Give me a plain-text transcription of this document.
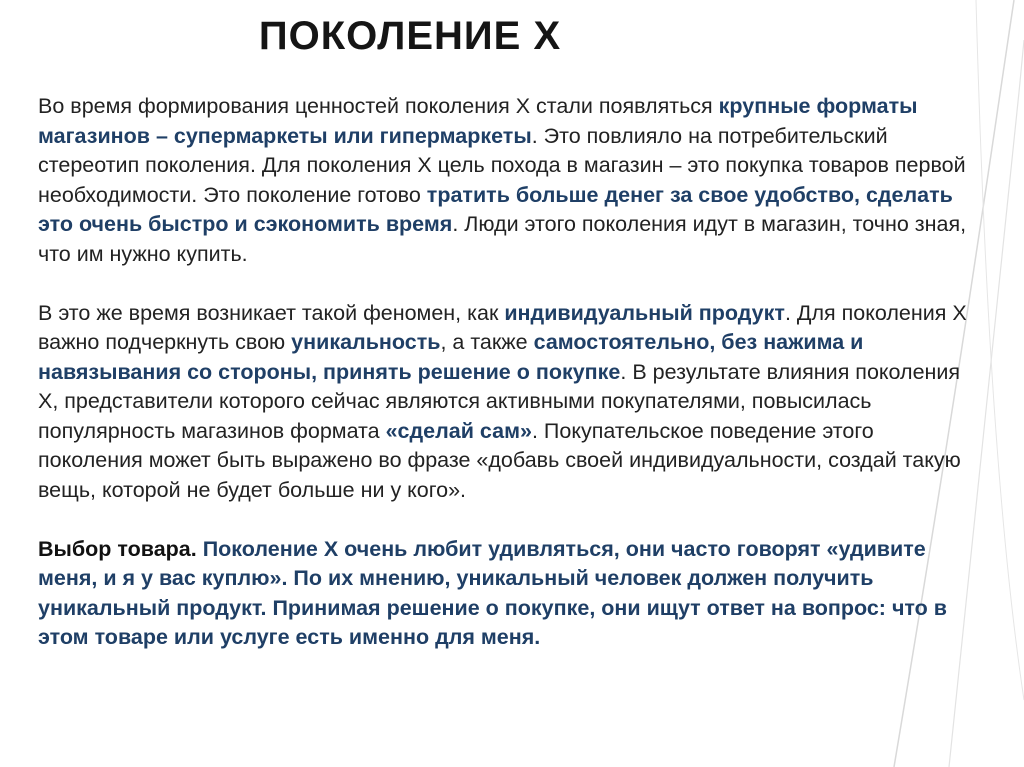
ПОКОЛЕНИЕ Х

Во время формирования ценностей поколения Х стали появляться крупные форматы магазинов – супермаркеты или гипермаркеты. Это повлияло на потребительский стереотип поколения. Для поколения Х цель похода в магазин – это покупка товаров первой необходимости. Это поколение готово тратить больше денег за свое удобство, сделать это очень быстро и сэкономить время. Люди этого поколения идут в магазин, точно зная, что им нужно купить.

В это же время возникает такой феномен, как индивидуальный продукт. Для поколения Х важно подчеркнуть свою уникальность, а также самостоятельно, без нажима и навязывания со стороны, принять решение о покупке. В результате влияния поколения Х, представители которого сейчас являются активными покупателями, повысилась популярность магазинов формата «сделай сам». Покупательское поведение этого поколения может быть выражено во фразе «добавь своей индивидуальности, создай такую вещь, которой не будет больше ни у кого».

Выбор товара. Поколение Х очень любит удивляться, они часто говорят «удивите меня, и я у вас куплю». По их мнению, уникальный человек должен получить уникальный продукт. Принимая решение о покупке, они ищут ответ на вопрос: что в этом товаре или услуге есть именно для меня.
